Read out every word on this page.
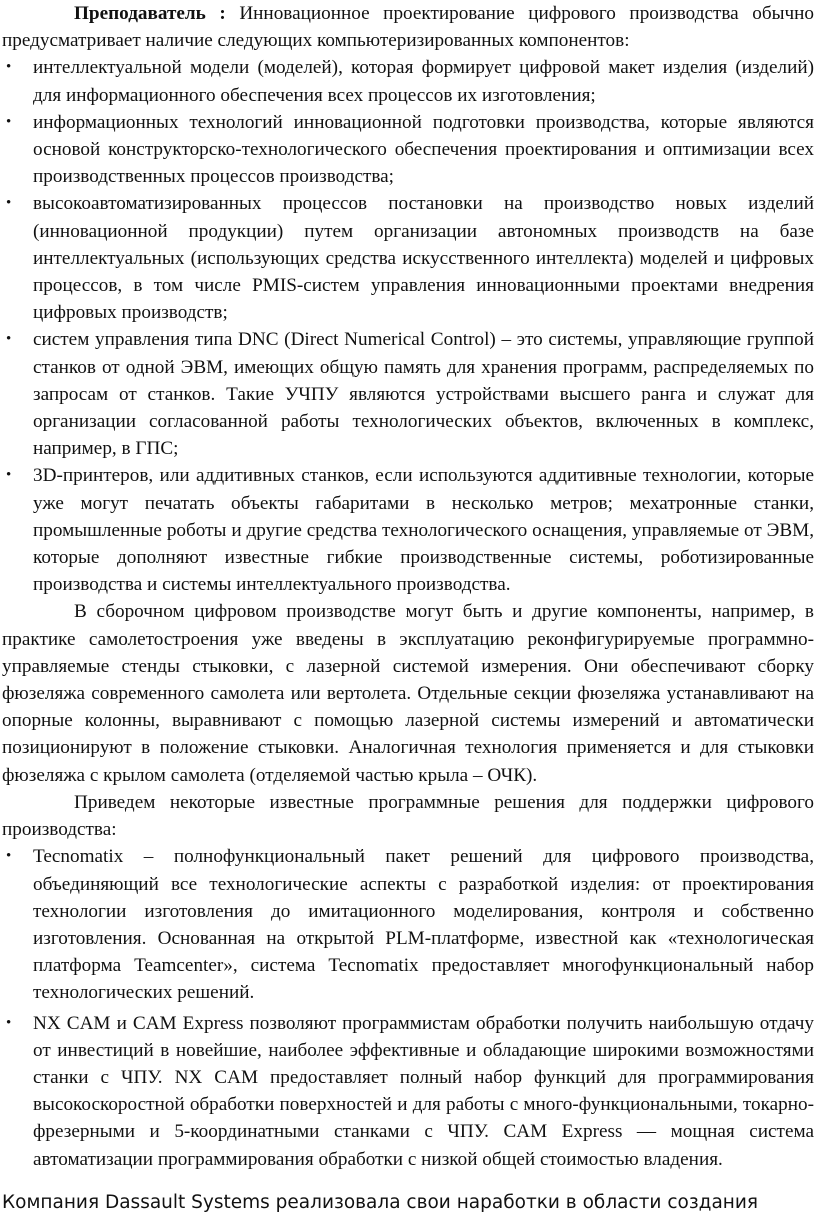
Преподаватель : Инновационное проектирование цифрового производства обычно предусматривает наличие следующих компьютеризированных компонентов:

• интеллектуальной модели (моделей), которая формирует цифровой макет изделия (изделий) для информационного обеспечения всех процессов их изготовления;
• информационных технологий инновационной подготовки производства, которые являются основой конструкторско-технологического обеспечения проектирования и оптимизации всех производственных процессов производства;
• высокоавтоматизированных процессов постановки на производство новых изделий (инновационной продукции) путем организации автономных производств на базе интеллектуальных (использующих средства искусственного интеллекта) моделей и цифровых процессов, в том числе PMIS-систем управления инновационными проектами внедрения цифровых производств;
• систем управления типа DNC (Direct Numerical Control) – это системы, управляющие группой станков от одной ЭВМ, имеющих общую память для хранения программ, распределяемых по запросам от станков. Такие УЧПУ являются устройствами высшего ранга и служат для организации согласованной работы технологических объектов, включенных в комплекс, например, в ГПС;
• 3D-принтеров, или аддитивных станков, если используются аддитивные технологии, которые уже могут печатать объекты габаритами в несколько метров; мехатронные станки, промышленные роботы и другие средства технологического оснащения, управляемые от ЭВМ, которые дополняют известные гибкие производственные системы, роботизированные производства и системы интеллектуального производства.

В сборочном цифровом производстве могут быть и другие компоненты, например, в практике самолетостроения уже введены в эксплуатацию реконфигурируемые программно-управляемые стенды стыковки, с лазерной системой измерения. Они обеспечивают сборку фюзеляжа современного самолета или вертолета. Отдельные секции фюзеляжа устанавливают на опорные колонны, выравнивают с помощью лазерной системы измерений и автоматически позиционируют в положение стыковки. Аналогичная технология применяется и для стыковки фюзеляжа с крылом самолета (отделяемой частью крыла – ОЧК).

Приведем некоторые известные программные решения для поддержки цифрового производства:

• Tecnomatix – полнофункциональный пакет решений для цифрового производства, объединяющий все технологические аспекты с разработкой изделия: от проектирования технологии изготовления до имитационного моделирования, контроля и собственно изготовления. Основанная на открытой PLM-платформе, известной как «технологическая платформа Teamcenter», система Tecnomatix предоставляет многофункциональный набор технологических решений.
• NX CAM и CAM Express позволяют программистам обработки получить наибольшую отдачу от инвестиций в новейшие, наиболее эффективные и обладающие широкими возможностями станки с ЧПУ. NX CAM предоставляет полный набор функций для программирования высокоскоростной обработки поверхностей и для работы с много-функциональными, токарно-фрезерными и 5-координатными станками с ЧПУ. CAM Express — мощная система автоматизации программирования обработки с низкой общей стоимостью владения.
Компания Dassault Systems реализовала свои наработки в области создания
